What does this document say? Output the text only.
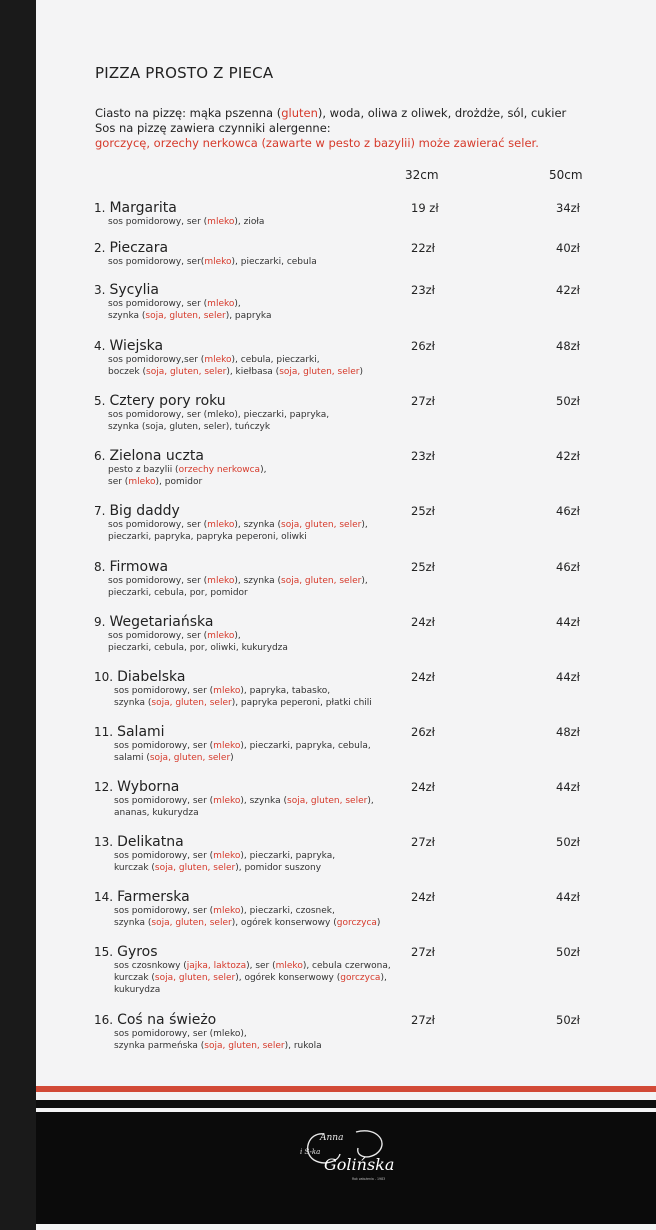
PIZZA PROSTO Z PIECA
Ciasto na pizzę: mąka pszenna (gluten), woda, oliwa z oliwek, drożdże, sól, cukier
Sos na pizzę zawiera czynniki alergenne:
gorczycę, orzechy nerkowca (zawarte w pesto z bazylii) może zawierać seler.
32cm	50cm
1. Margarita
sos pomidorowy, ser (mleko), zioła
19 zł	34zł
2. Pieczara
sos pomidorowy, ser(mleko), pieczarki, cebula
22zł	40zł
3. Sycylia
sos pomidorowy, ser (mleko),
szynka (soja, gluten, seler), papryka
23zł	42zł
4. Wiejska
sos pomidorowy,ser (mleko), cebula, pieczarki,
boczek (soja, gluten, seler), kiełbasa (soja, gluten, seler)
26zł	48zł
5. Cztery pory roku
sos pomidorowy, ser (mleko), pieczarki, papryka,
szynka (soja, gluten, seler), tuńczyk
27zł	50zł
6. Zielona uczta
pesto z bazylii (orzechy nerkowca),
ser (mleko), pomidor
23zł	42zł
7. Big daddy
sos pomidorowy, ser (mleko), szynka (soja, gluten, seler),
pieczarki, papryka, papryka peperoni, oliwki
25zł	46zł
8. Firmowa
sos pomidorowy, ser (mleko), szynka (soja, gluten, seler),
pieczarki, cebula, por, pomidor
25zł	46zł
9. Wegetariańska
sos pomidorowy, ser (mleko),
pieczarki, cebula, por, oliwki, kukurydza
24zł	44zł
10. Diabelska
sos pomidorowy, ser (mleko), papryka, tabasko,
szynka (soja, gluten, seler), papryka peperoni, płatki chili
24zł	44zł
11. Salami
sos pomidorowy, ser (mleko), pieczarki, papryka, cebula,
salami (soja, gluten, seler)
26zł	48zł
12. Wyborna
sos pomidorowy, ser (mleko), szynka (soja, gluten, seler),
ananas, kukurydza
24zł	44zł
13. Delikatna
sos pomidorowy, ser (mleko), pieczarki, papryka,
kurczak (soja, gluten, seler), pomidor suszony
27zł	50zł
14. Farmerska
sos pomidorowy, ser (mleko), pieczarki, czosnek,
szynka (soja, gluten, seler), ogórek konserwowy (gorczyca)
24zł	44zł
15. Gyros
sos czosnkowy (jajka, laktoza), ser (mleko), cebula czerwona,
kurczak (soja, gluten, seler), ogórek konserwowy (gorczyca),
kukurydza
27zł	50zł
16. Coś na świeżo
sos pomidorowy, ser (mleko),
szynka parmeńska (soja, gluten, seler), rukola
27zł	50zł
Anna
i S-ka
Golińska
Rok założenia - 1983
